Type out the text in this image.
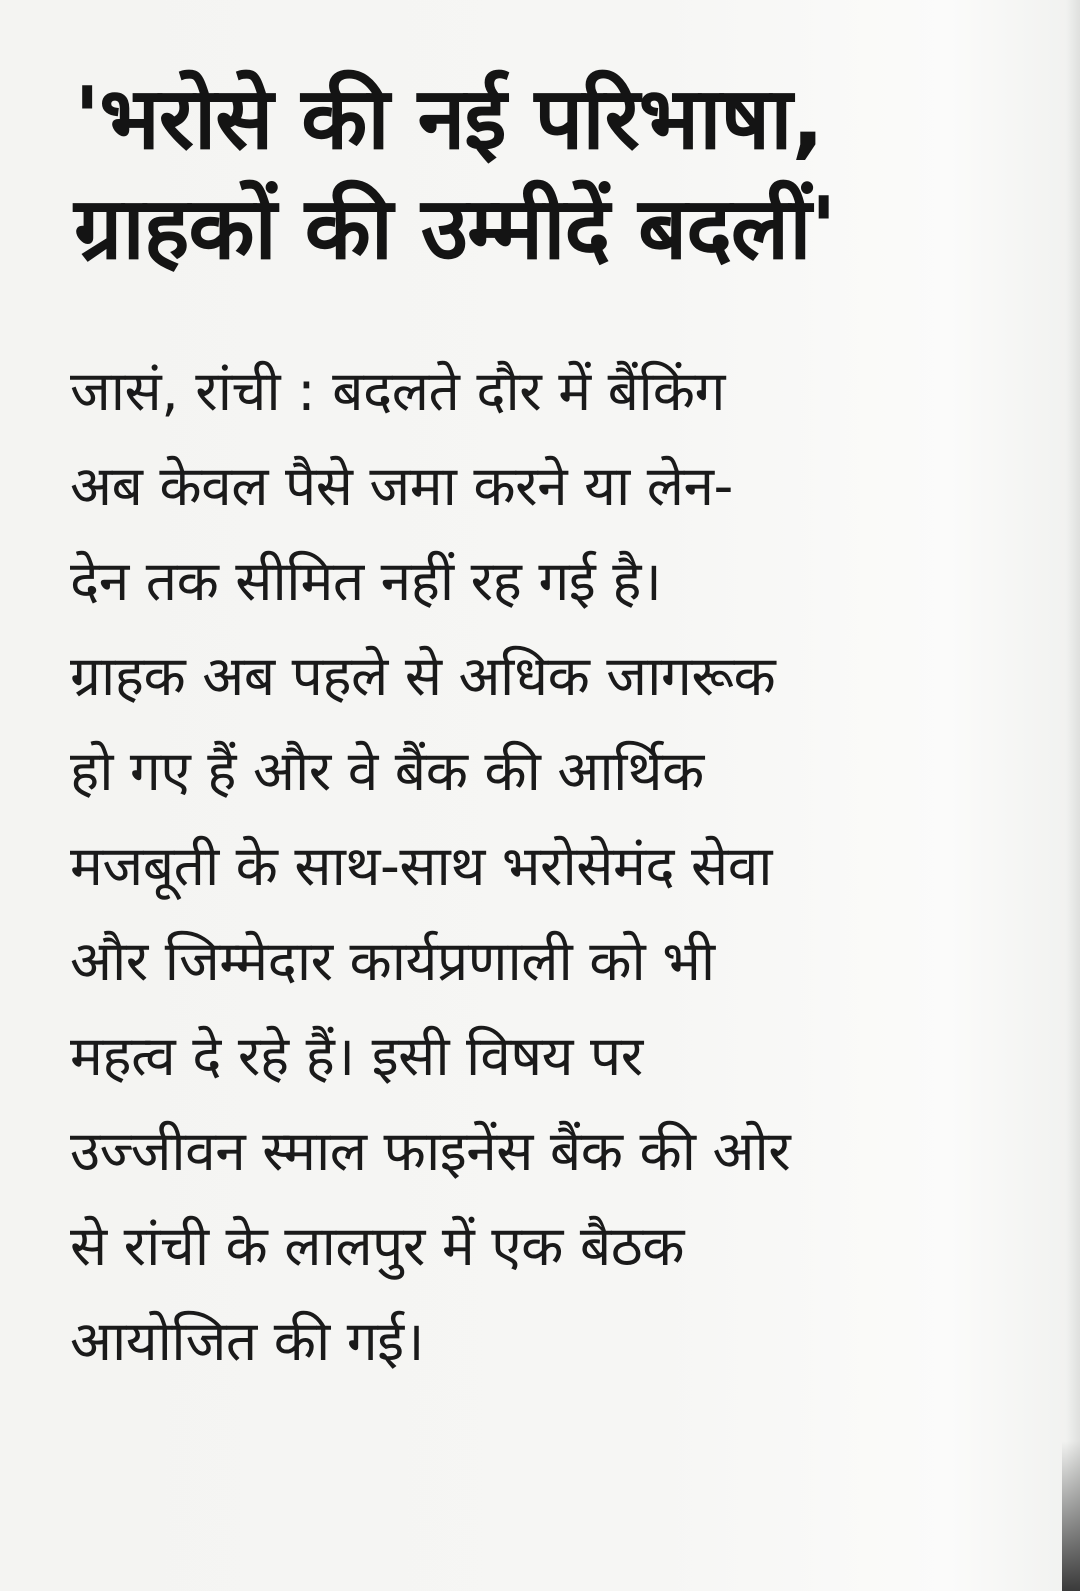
'भरोसे की नई परिभाषा,
ग्राहकों की उम्मीदें बदलीं'

जासं, रांची : बदलते दौर में बैंकिंग
अब केवल पैसे जमा करने या लेन-
देन तक सीमित नहीं रह गई है।
ग्राहक अब पहले से अधिक जागरूक
हो गए हैं और वे बैंक की आर्थिक
मजबूती के साथ-साथ भरोसेमंद सेवा
और जिम्मेदार कार्यप्रणाली को भी
महत्व दे रहे हैं। इसी विषय पर
उज्जीवन स्माल फाइनेंस बैंक की ओर
से रांची के लालपुर में एक बैठक
आयोजित की गई।
